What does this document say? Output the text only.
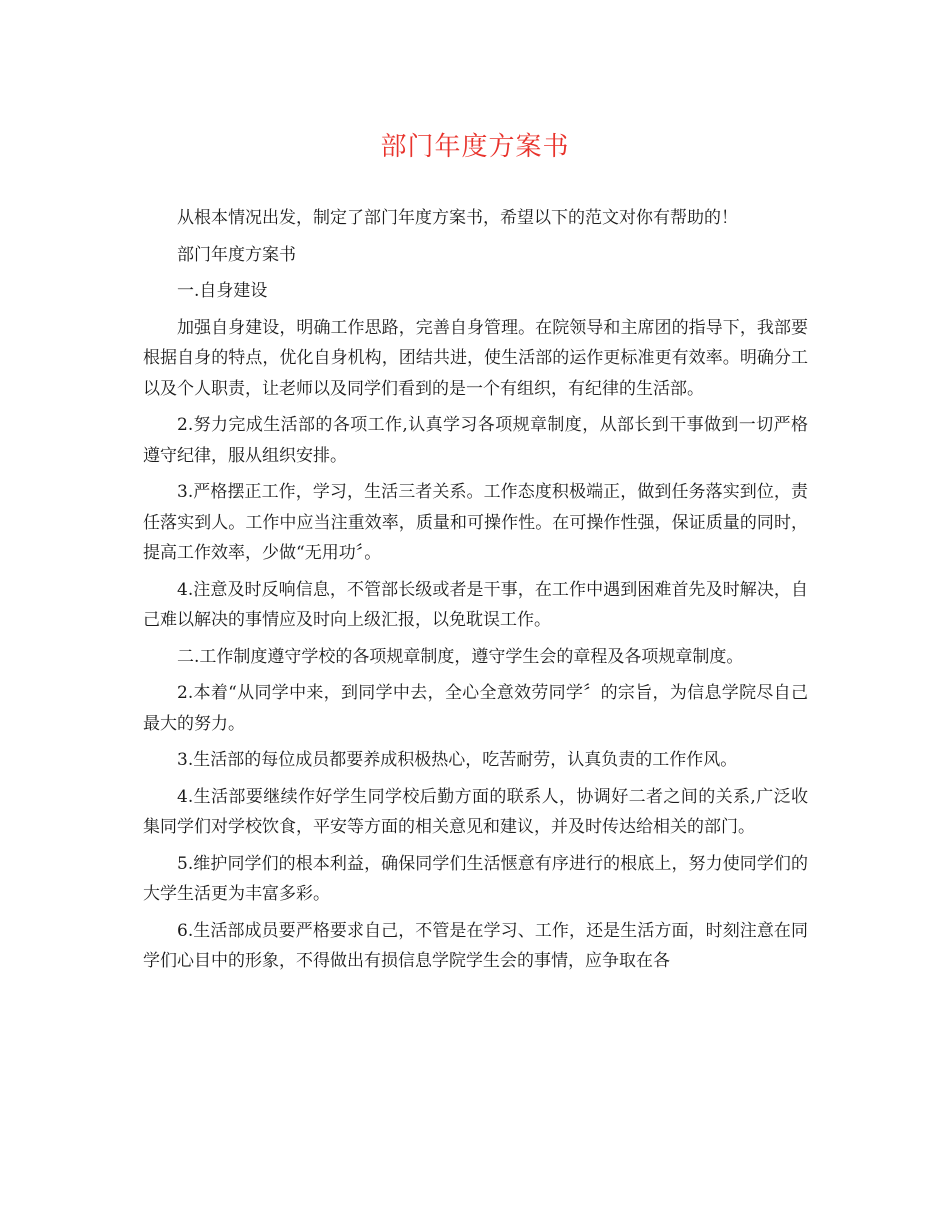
部门年度方案书

从根本情况出发，制定了部门年度方案书，希望以下的范文对你有帮助的！

部门年度方案书

一.自身建设

加强自身建设，明确工作思路，完善自身管理。在院领导和主席团的指导下，我部要根据自身的特点，优化自身机构，团结共进，使生活部的运作更标准更有效率。明确分工以及个人职责，让老师以及同学们看到的是一个有组织，有纪律的生活部。

2.努力完成生活部的各项工作,认真学习各项规章制度，从部长到干事做到一切严格遵守纪律，服从组织安排。

3.严格摆正工作，学习，生活三者关系。工作态度积极端正，做到任务落实到位，责任落实到人。工作中应当注重效率，质量和可操作性。在可操作性强，保证质量的同时，提高工作效率，少做“无用功〞。

4.注意及时反响信息，不管部长级或者是干事，在工作中遇到困难首先及时解决，自己难以解决的事情应及时向上级汇报，以免耽误工作。

二.工作制度遵守学校的各项规章制度，遵守学生会的章程及各项规章制度。

2.本着“从同学中来，到同学中去，全心全意效劳同学〞的宗旨，为信息学院尽自己最大的努力。

3.生活部的每位成员都要养成积极热心，吃苦耐劳，认真负责的工作作风。

4.生活部要继续作好学生同学校后勤方面的联系人，协调好二者之间的关系,广泛收集同学们对学校饮食，平安等方面的相关意见和建议，并及时传达给相关的部门。

5.维护同学们的根本利益，确保同学们生活惬意有序进行的根底上，努力使同学们的大学生活更为丰富多彩。

6.生活部成员要严格要求自己，不管是在学习、工作，还是生活方面，时刻注意在同学们心目中的形象，不得做出有损信息学院学生会的事情，应争取在各
